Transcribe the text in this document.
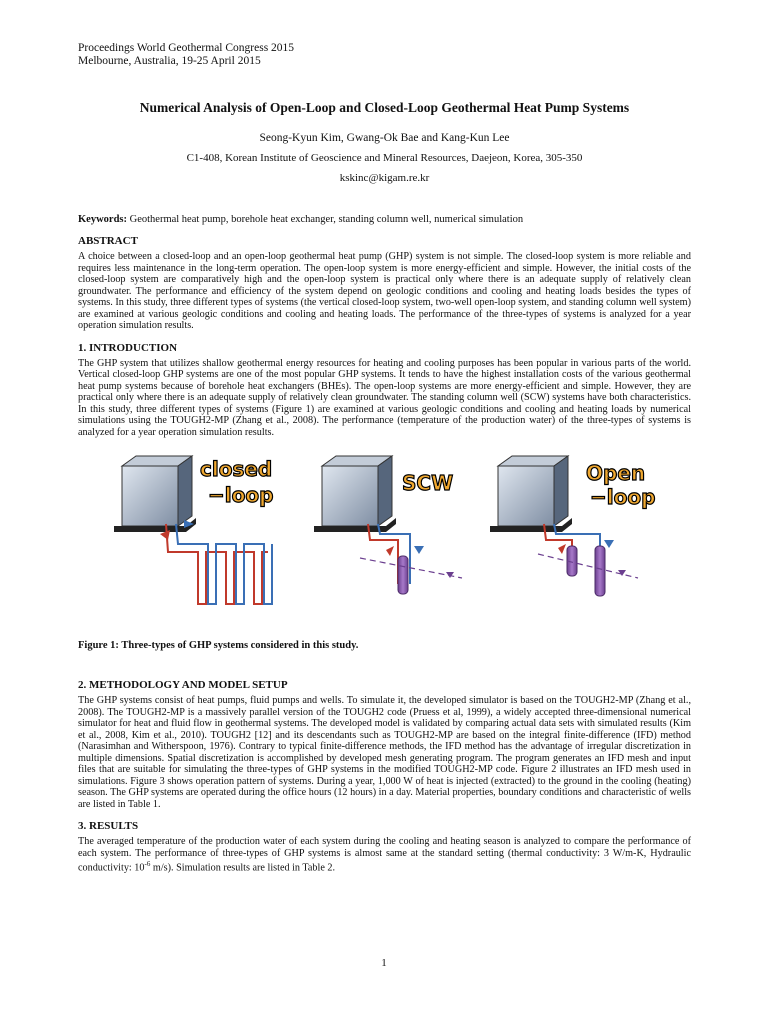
Proceedings World Geothermal Congress 2015
Melbourne, Australia, 19-25 April 2015
Numerical Analysis of Open-Loop and Closed-Loop Geothermal Heat Pump Systems
Seong-Kyun Kim, Gwang-Ok Bae and Kang-Kun Lee
C1-408, Korean Institute of Geoscience and Mineral Resources, Daejeon, Korea, 305-350
kskinc@kigam.re.kr
Keywords: Geothermal heat pump, borehole heat exchanger, standing column well, numerical simulation
ABSTRACT

A choice between a closed-loop and an open-loop geothermal heat pump (GHP) system is not simple. The closed-loop system is more reliable and requires less maintenance in the long-term operation. The open-loop system is more energy-efficient and simple. However, the initial costs of the closed-loop system are comparatively high and the open-loop system is practical only where there is an adequate supply of relatively clean groundwater. The performance and efficiency of the system depend on geologic conditions and cooling and heating loads besides the types of systems. In this study, three different types of systems (the vertical closed-loop system, two-well open-loop system, and standing column well system) are examined at various geologic conditions and cooling and heating loads. The performance of the three-types of systems is analyzed for a year operation simulation results.

1. INTRODUCTION

The GHP system that utilizes shallow geothermal energy resources for heating and cooling purposes has been popular in various parts of the world. Vertical closed-loop GHP systems are one of the most popular GHP systems. It tends to have the highest installation costs of the various geothermal heat pump systems because of borehole heat exchangers (BHEs). The open-loop systems are more energy-efficient and simple. However, they are practical only where there is an adequate supply of relatively clean groundwater. The standing column well (SCW) systems have both characteristics. In this study, three different types of systems (Figure 1) are examined at various geologic conditions and cooling and heating loads by numerical simulations using the TOUGH2-MP (Zhang et al., 2008). The performance (temperature of the production water) of the three-types of systems is analyzed for a year operation simulation results.

closed
−loop	SCW	Open
−loop
Figure 1: Three-types of GHP systems considered in this study.
2. METHODOLOGY AND MODEL SETUP

The GHP systems consist of heat pumps, fluid pumps and wells. To simulate it, the developed simulator is based on the TOUGH2-MP (Zhang et al., 2008). The TOUGH2-MP is a massively parallel version of the TOUGH2 code (Pruess et al, 1999), a widely accepted three-dimensional numerical simulator for heat and fluid flow in geothermal systems. The developed model is validated by comparing actual data sets with simulated results (Kim et al., 2008, Kim et al., 2010). TOUGH2 [12] and its descendants such as TOUGH2-MP are based on the integral finite-difference (IFD) method (Narasimhan and Witherspoon, 1976). Contrary to typical finite-difference methods, the IFD method has the advantage of irregular discretization in multiple dimensions. Spatial discretization is accomplished by developed mesh generating program. The program generates an IFD mesh and input files that are suitable for simulating the three-types of GHP systems in the modified TOUGH2-MP code. Figure 2 illustrates an IFD mesh used in simulations. Figure 3 shows operation pattern of systems. During a year, 1,000 W of heat is injected (extracted) to the ground in the cooling (heating) season. The GHP systems are operated during the office hours (12 hours) in a day. Material properties, boundary conditions and characteristic of wells are listed in Table 1.

3. RESULTS

The averaged temperature of the production water of each system during the cooling and heating season is analyzed to compare the performance of each system. The performance of three-types of GHP systems is almost same at the standard setting (thermal conductivity: 3 W/m-K, Hydraulic conductivity: $10^{-6}$ m/s). Simulation results are listed in Table 2.

1
